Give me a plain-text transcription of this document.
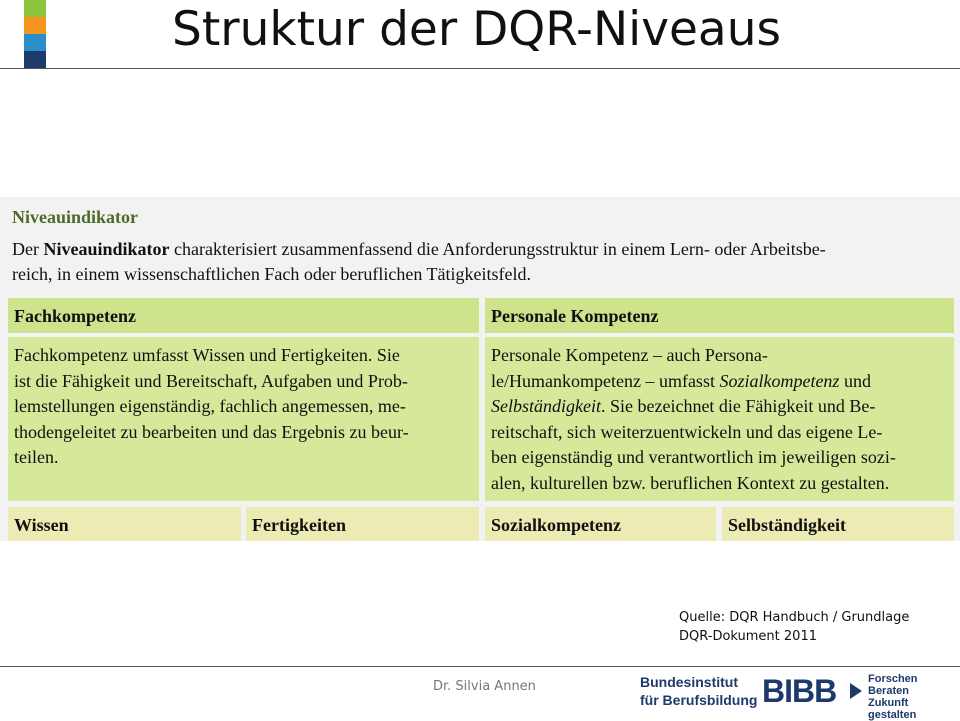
Struktur der DQR-Niveaus
Niveauindikator
Der Niveauindikator charakterisiert zusammenfassend die Anforderungsstruktur in einem Lern- oder Arbeitsbe-
reich, in einem wissenschaftlichen Fach oder beruflichen Tätigkeitsfeld.
Fachkompetenz	Personale Kompetenz
Fachkompetenz umfasst Wissen und Fertigkeiten. Sie
ist die Fähigkeit und Bereitschaft, Aufgaben und Prob-
lemstellungen eigenständig, fachlich angemessen, me-
thodengeleitet zu bearbeiten und das Ergebnis zu beur-
teilen.
Personale Kompetenz – auch Persona-
le/Humankompetenz – umfasst Sozialkompetenz und
Selbständigkeit. Sie bezeichnet die Fähigkeit und Be-
reitschaft, sich weiterzuentwickeln und das eigene Le-
ben eigenständig und verantwortlich im jeweiligen sozi-
alen, kulturellen bzw. beruflichen Kontext zu gestalten.
Wissen	Fertigkeiten	Sozialkompetenz	Selbständigkeit
Quelle: DQR Handbuch / Grundlage
DQR-Dokument 2011
Dr. Silvia Annen	Bundesinstitut
für Berufsbildung BIBB	Forschen
Beraten
Zukunft gestalten
